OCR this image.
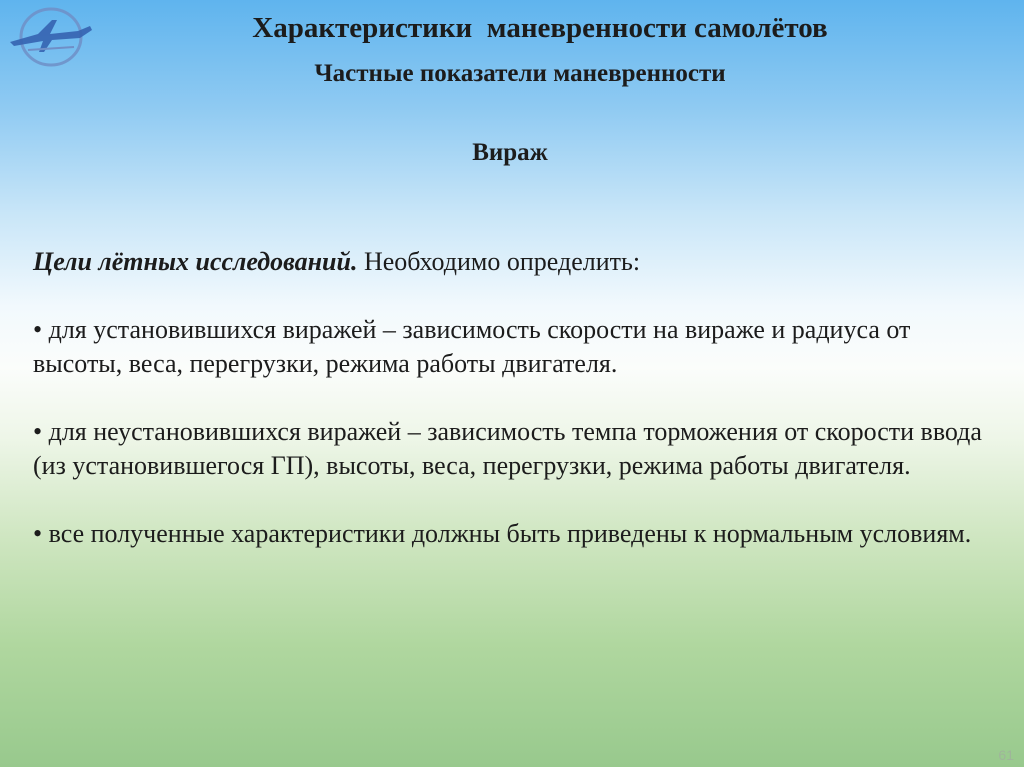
Характеристики  маневренности самолётов
Частные показатели маневренности
Вираж

Цели лётных исследований. Необходимо определить:

• для установившихся виражей – зависимость скорости на вираже и радиуса от высоты, веса, перегрузки, режима работы двигателя.

• для неустановившихся виражей – зависимость темпа торможения от скорости ввода (из установившегося ГП), высоты, веса, перегрузки, режима работы двигателя.

• все полученные характеристики должны быть приведены к нормальным условиям.

61
